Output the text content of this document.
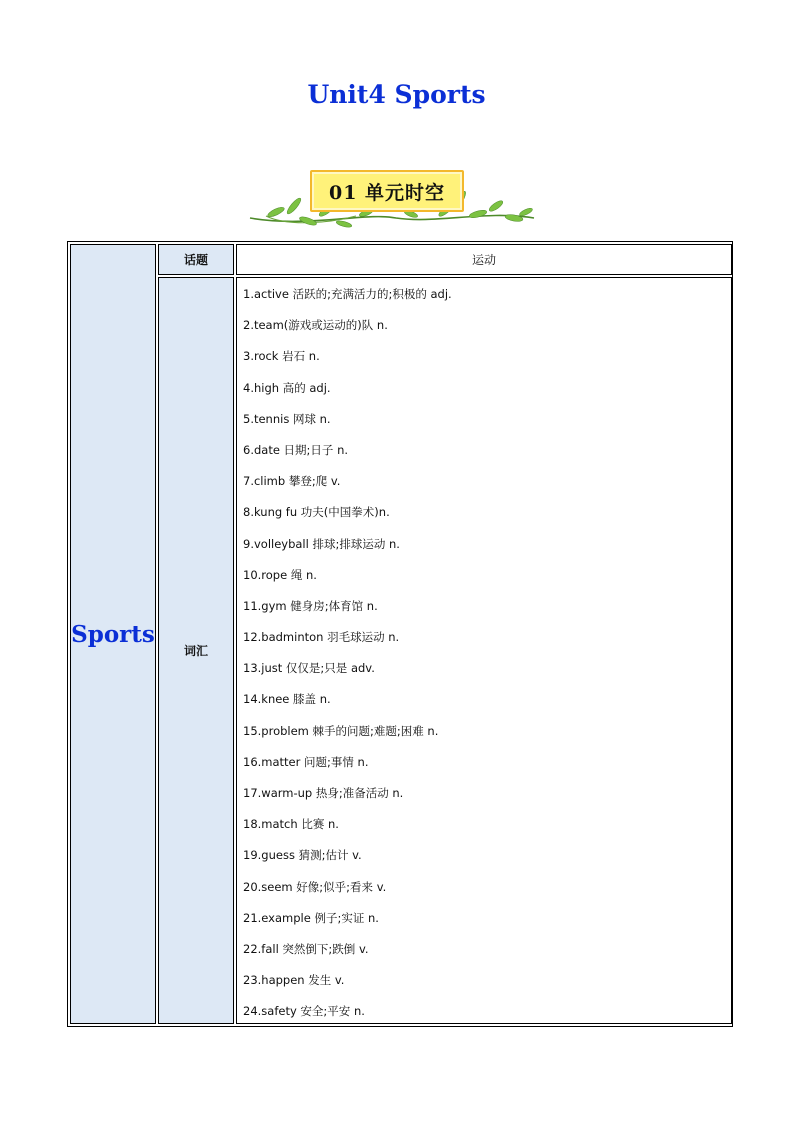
Unit4 Sports
01 单元时空
Sports
话题	运动
词汇
1.active 活跃的;充满活力的;积极的 adj.
2.team(游戏或运动的)队 n.
3.rock 岩石 n.
4.high 高的 adj.
5.tennis 网球 n.
6.date 日期;日子 n.
7.climb 攀登;爬 v.
8.kung fu 功夫(中国拳术)n.
9.volleyball 排球;排球运动 n.
10.rope 绳 n.
11.gym 健身房;体育馆 n.
12.badminton 羽毛球运动 n.
13.just 仅仅是;只是 adv.
14.knee 膝盖 n.
15.problem 棘手的问题;难题;困难 n.
16.matter 问题;事情 n.
17.warm-up 热身;准备活动 n.
18.match 比赛 n.
19.guess 猜测;估计 v.
20.seem 好像;似乎;看来 v.
21.example 例子;实证 n.
22.fall 突然倒下;跌倒 v.
23.happen 发生 v.
24.safety 安全;平安 n.
